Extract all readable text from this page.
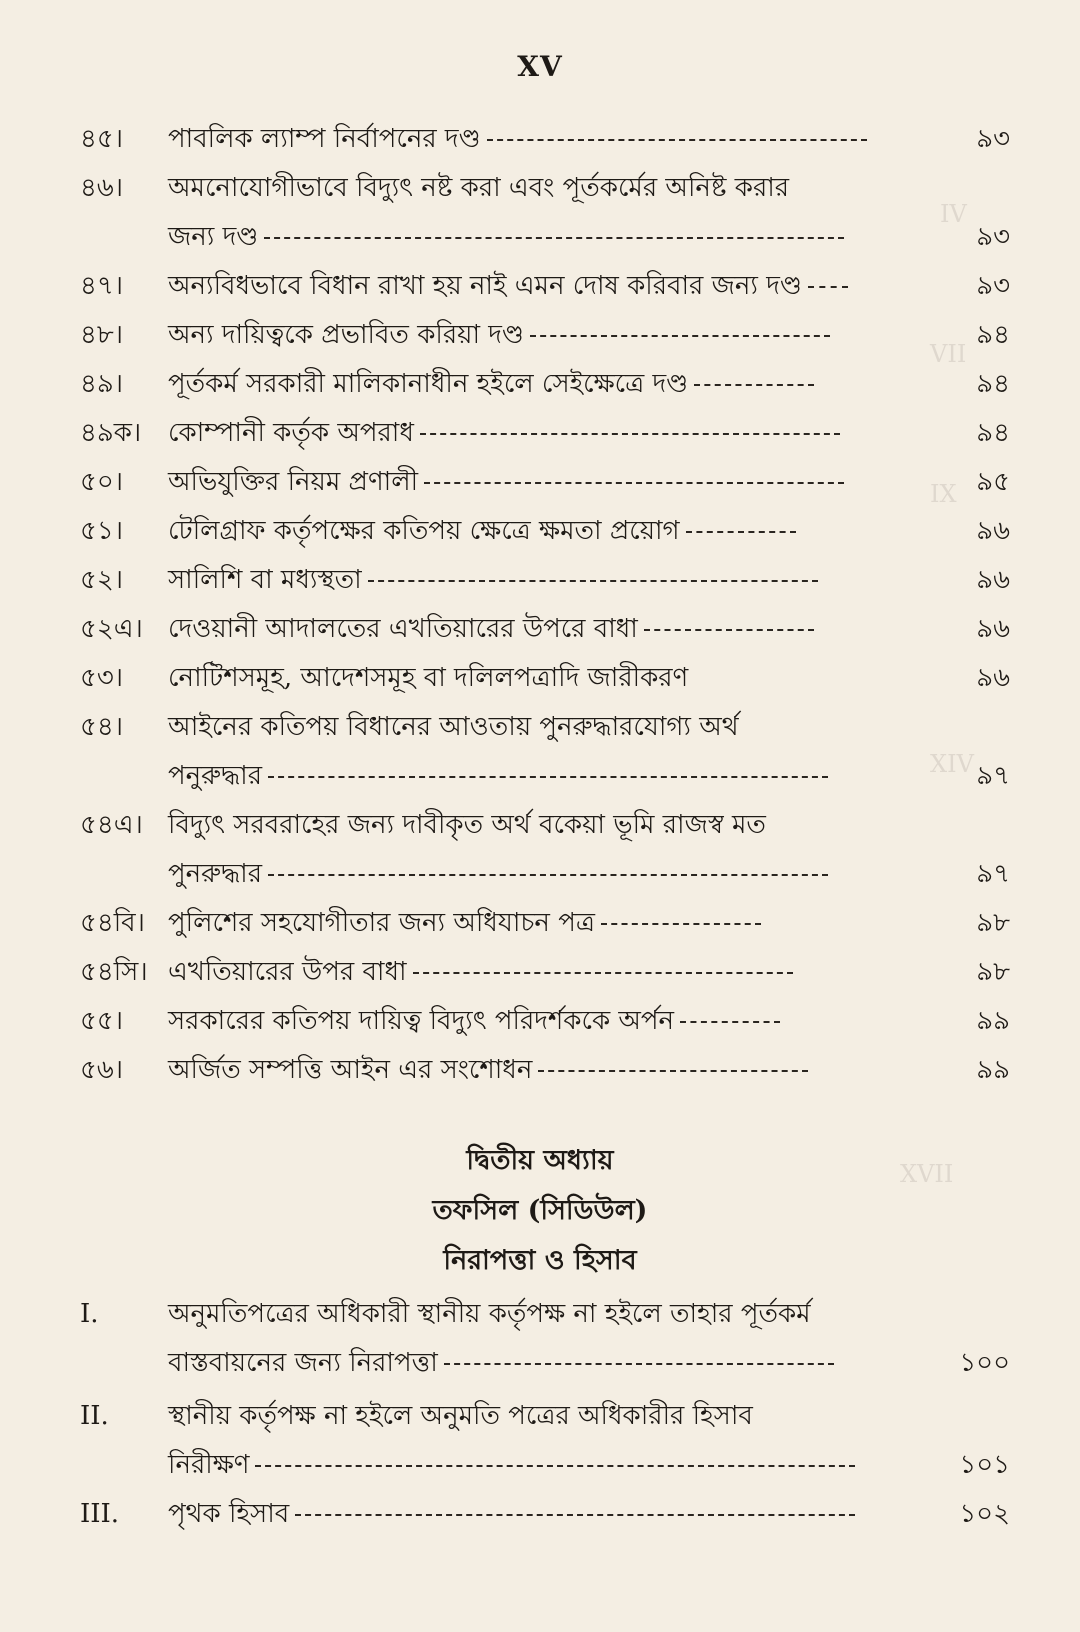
IV
VII
IX
XIV
XVII
XV
৪৫। পাবলিক ল্যাম্প নির্বাপনের দণ্ড	৯৩
৪৬। অমনোযোগীভাবে বিদ্যুৎ নষ্ট করা এবং পূর্তকর্মের অনিষ্ট করার
জন্য দণ্ড	৯৩
৪৭। অন্যবিধভাবে বিধান রাখা হয় নাই এমন দোষ করিবার জন্য দণ্ড	৯৩
৪৮। অন্য দায়িত্বকে প্রভাবিত করিয়া দণ্ড	৯৪
৪৯। পূর্তকর্ম সরকারী মালিকানাধীন হইলে সেইক্ষেত্রে দণ্ড	৯৪
৪৯ক। কোম্পানী কর্তৃক অপরাধ	৯৪
৫০। অভিযুক্তির নিয়ম প্রণালী	৯৫
৫১। টেলিগ্রাফ কর্তৃপক্ষের কতিপয় ক্ষেত্রে ক্ষমতা প্রয়োগ	৯৬
৫২। সালিশি বা মধ্যস্থতা	৯৬
৫২এ। দেওয়ানী আদালতের এখতিয়ারের উপরে বাধা	৯৬
৫৩। নোটিশসমূহ, আদেশসমূহ বা দলিলপত্রাদি জারীকরণ	৯৬
৫৪। আইনের কতিপয় বিধানের আওতায় পুনরুদ্ধারযোগ্য অর্থ
পনুরুদ্ধার	৯৭
৫৪এ। বিদ্যুৎ সরবরাহের জন্য দাবীকৃত অর্থ বকেয়া ভূমি রাজস্ব মত
পুনরুদ্ধার	৯৭
৫৪বি। পুলিশের সহযোগীতার জন্য অধিযাচন পত্র	৯৮
৫৪সি। এখতিয়ারের উপর বাধা	৯৮
৫৫। সরকারের কতিপয় দায়িত্ব বিদ্যুৎ পরিদর্শককে অর্পন	৯৯
৫৬। অর্জিত সম্পত্তি আইন এর সংশোধন	৯৯
দ্বিতীয় অধ্যায়
তফসিল (সিডিউল)
নিরাপত্তা ও হিসাব
I.	অনুমতিপত্রের অধিকারী স্থানীয় কর্তৃপক্ষ না হইলে তাহার পূর্তকর্ম
বাস্তবায়নের জন্য নিরাপত্তা	১০০
II. স্থানীয় কর্তৃপক্ষ না হইলে অনুমতি পত্রের অধিকারীর হিসাব
নিরীক্ষণ	১০১
III. পৃথক হিসাব	১০২
